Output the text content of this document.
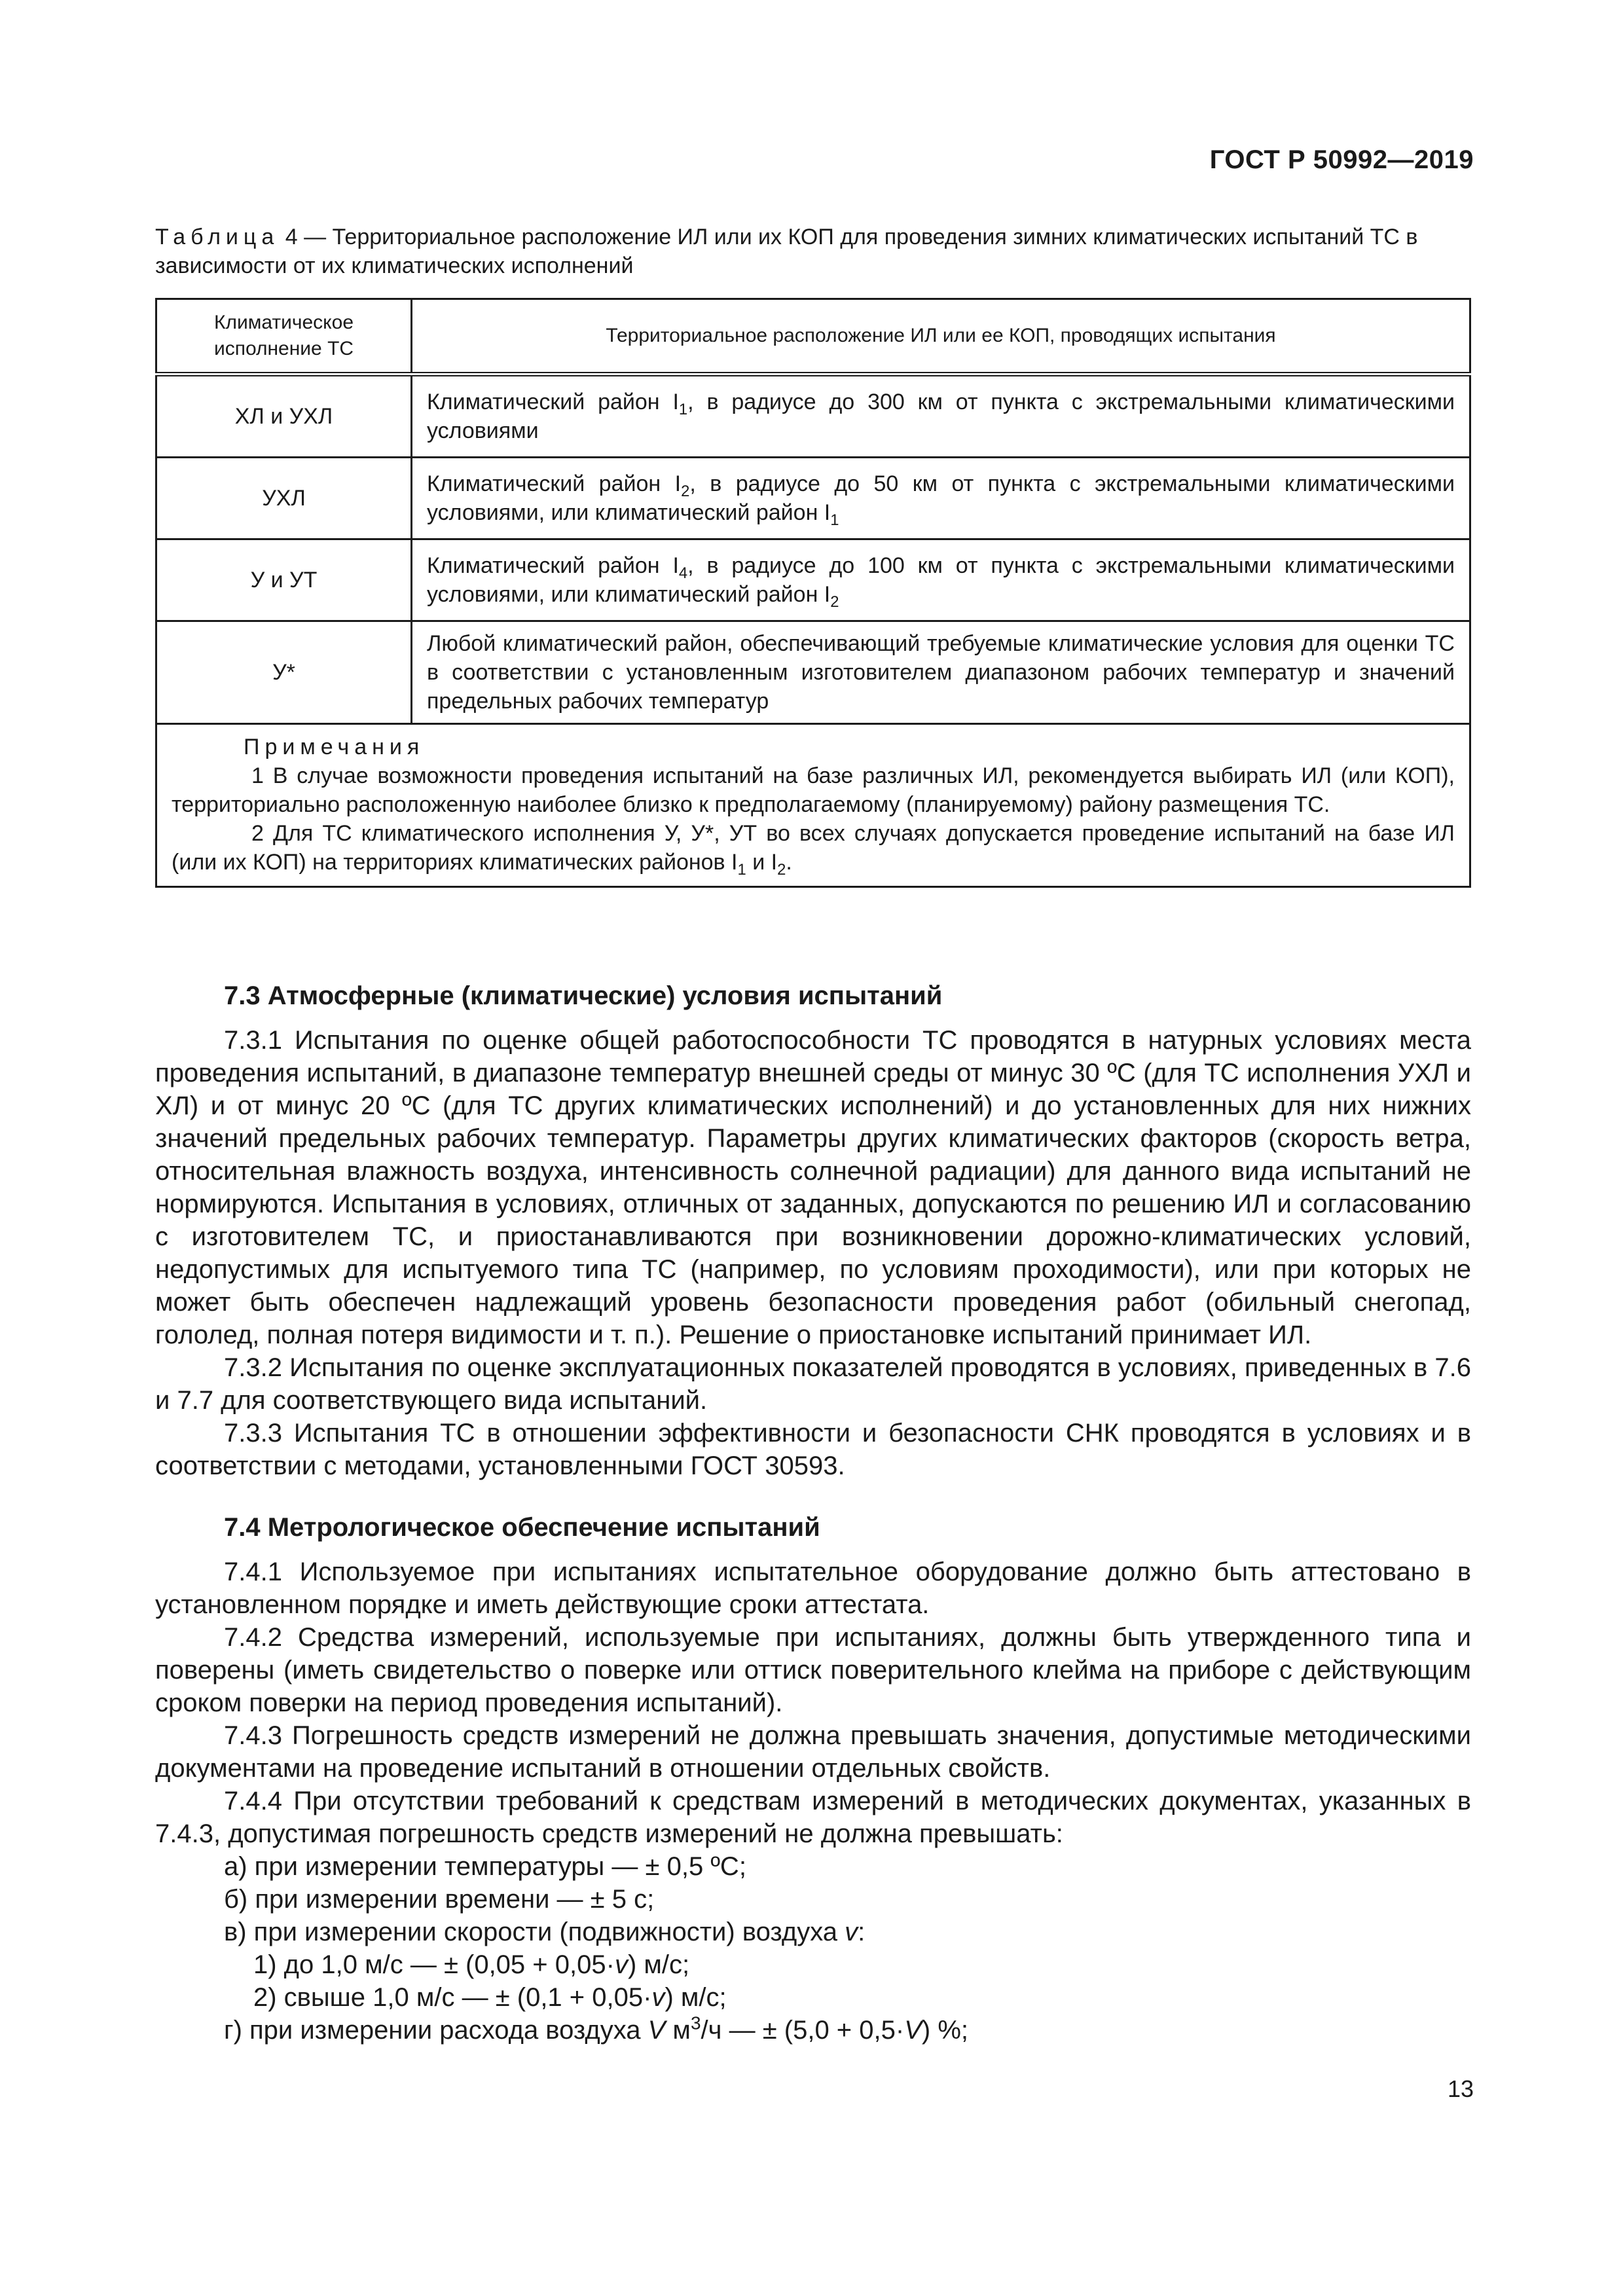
ГОСТ Р 50992—2019
Таблица 4 — Территориальное расположение ИЛ или их КОП для проведения зимних климатических испытаний ТС в зависимости от их климатических исполнений
Климатическое исполнение ТС	Территориальное расположение ИЛ или ее КОП, проводящих испытания
ХЛ и УХЛ	Климатический район $I_1$, в радиусе до 300 км от пункта с экстремальными климатическими условиями
УХЛ	Климатический район $I_2$, в радиусе до 50 км от пункта с экстремальными климатическими условиями, или климатический район $I_1$
У и УТ	Климатический район $I_4$, в радиусе до 100 км от пункта с экстремальными климатическими условиями, или климатический район $I_2$
У*	Любой климатический район, обеспечивающий требуемые климатические условия для оценки ТС в соответствии с установленным изготовителем диапазоном рабочих температур и значений предельных рабочих температур

Примечания

1 В случае возможности проведения испытаний на базе различных ИЛ, рекомендуется выбирать ИЛ (или КОП), территориально расположенную наиболее близко к предполагаемому (планируемому) району размещения ТС.

2 Для ТС климатического исполнения У, У*, УТ во всех случаях допускается проведение испытаний на базе ИЛ (или их КОП) на территориях климатических районов $I_1$ и $I_2$.	

7.3 Атмосферные (климатические) условия испытаний

7.3.1 Испытания по оценке общей работоспособности ТС проводятся в натурных условиях места проведения испытаний, в диапазоне температур внешней среды от минус 30 ºС (для ТС исполнения УХЛ и ХЛ) и от минус 20 ºС (для ТС других климатических исполнений) и до установленных для них нижних значений предельных рабочих температур. Параметры других климатических факторов (скорость ветра, относительная влажность воздуха, интенсивность солнечной радиации) для данного вида испытаний не нормируются. Испытания в условиях, отличных от заданных, допускаются по решению ИЛ и согласованию с изготовителем ТС, и приостанавливаются при возникновении дорожно-климатических условий, недопустимых для испытуемого типа ТС (например, по условиям проходимости), или при которых не может быть обеспечен надлежащий уровень безопасности проведения работ (обильный снегопад, гололед, полная потеря видимости и т. п.). Решение о приостановке испытаний принимает ИЛ.

7.3.2 Испытания по оценке эксплуатационных показателей проводятся в условиях, приведенных в 7.6 и 7.7 для соответствующего вида испытаний.

7.3.3 Испытания ТС в отношении эффективности и безопасности СНК проводятся в условиях и в соответствии с методами, установленными ГОСТ 30593.

7.4 Метрологическое обеспечение испытаний

7.4.1 Используемое при испытаниях испытательное оборудование должно быть аттестовано в установленном порядке и иметь действующие сроки аттестата.

7.4.2 Средства измерений, используемые при испытаниях, должны быть утвержденного типа и поверены (иметь свидетельство о поверке или оттиск поверительного клейма на приборе с действующим сроком поверки на период проведения испытаний).

7.4.3 Погрешность средств измерений не должна превышать значения, допустимые методическими документами на проведение испытаний в отношении отдельных свойств.

7.4.4 При отсутствии требований к средствам измерений в методических документах, указанных в 7.4.3, допустимая погрешность средств измерений не должна превышать:

а) при измерении температуры — ± 0,5 ºС;

б) при измерении времени — ± 5 с;

в) при измерении скорости (подвижности) воздуха v:

1) до 1,0 м/с — ± (0,05 + 0,05·v) м/с;

2) свыше 1,0 м/с — ± (0,1 + 0,05·v) м/с;

г) при измерении расхода воздуха V $м^3/ч$ — ± (5,0 + 0,5·V) %;

13
